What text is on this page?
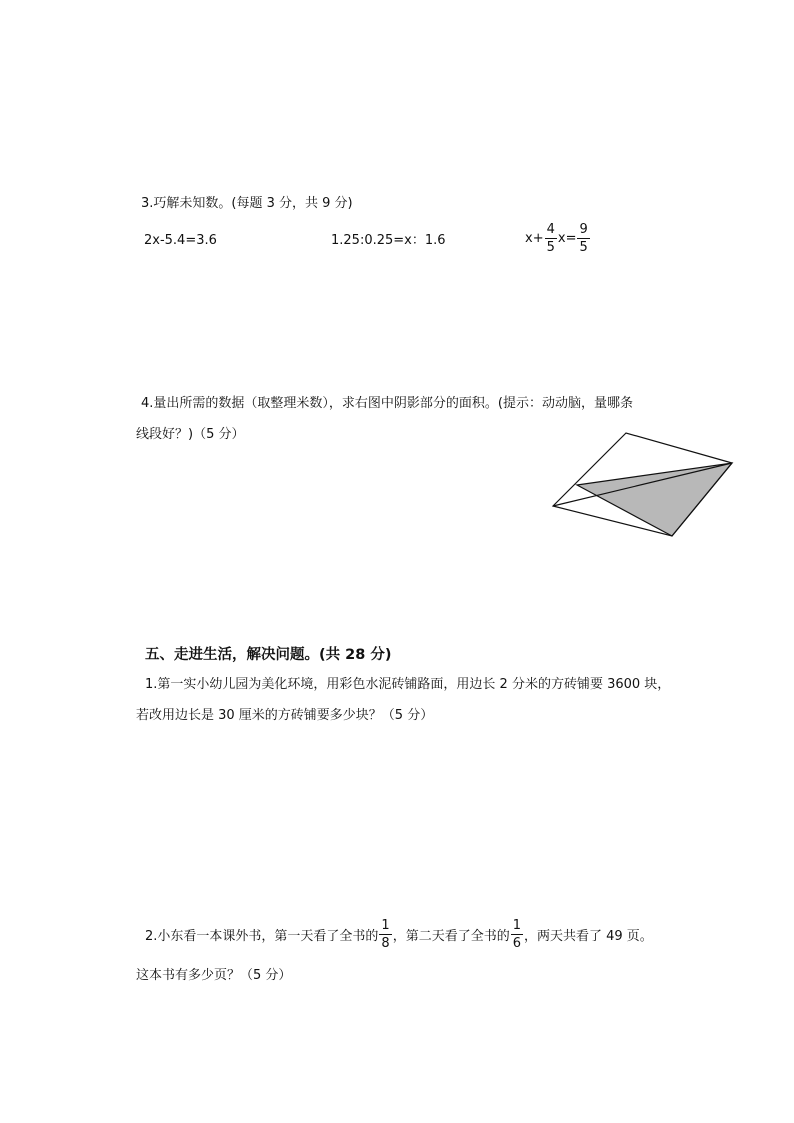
3.巧解未知数。(每题 3 分，共 9 分)
2x-5.4=3.6	1.25:0.25=x：1.6	$x+ \frac{4}{5} x= \frac{9}{5}$
4.量出所需的数据（取整理米数），求右图中阴影部分的面积。(提示：动动脑，量哪条
线段好？)（5 分）
五、走进生活，解决问题。(共 28 分)
1.第一实小幼儿园为美化环境，用彩色水泥砖铺路面，用边长 2 分米的方砖铺要 3600 块，
若改用边长是 30 厘米的方砖铺要多少块？（5 分）
2.小东看一本课外书，第一天看了全书的 $\frac{1}{8}$ ，第二天看了全书的 $\frac{1}{6}$ ，两天共看了 49 页。
这本书有多少页？（5 分）
